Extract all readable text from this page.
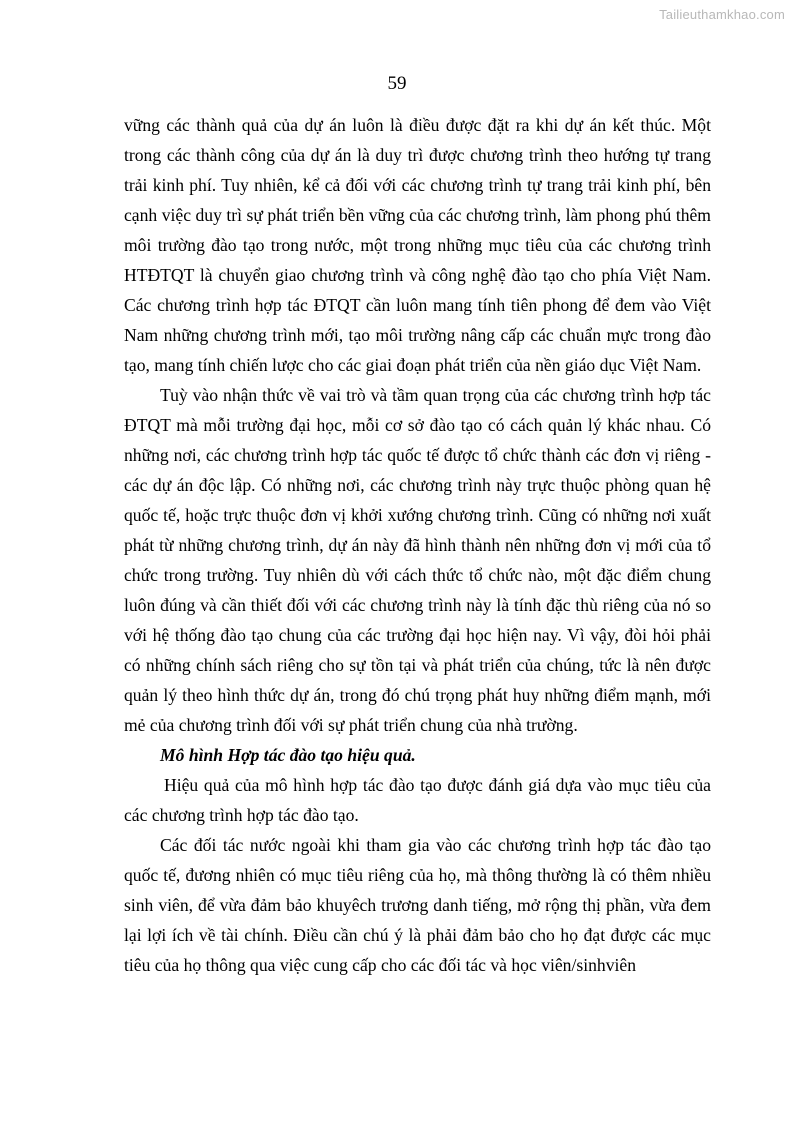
Tailieuthamkhao.com
59

vững các thành quả của dự án luôn là điều được đặt ra khi dự án kết thúc. Một trong các thành công của dự án là duy trì được chương trình theo hướng tự trang trải kinh phí. Tuy nhiên, kể cả đối với các chương trình tự trang trải kinh phí, bên cạnh việc duy trì sự phát triển bền vững của các chương trình, làm phong phú thêm môi trường đào tạo trong nước, một trong những mục tiêu của các chương trình HTĐTQT là chuyển giao chương trình và công nghệ đào tạo cho phía Việt Nam. Các chương trình hợp tác ĐTQT cần luôn mang tính tiên phong để đem vào Việt Nam những chương trình mới, tạo môi trường nâng cấp các chuẩn mực trong đào tạo, mang tính chiến lược cho các giai đoạn phát triển của nền giáo dục Việt Nam.

Tuỳ vào nhận thức về vai trò và tầm quan trọng của các chương trình hợp tác ĐTQT mà mỗi trường đại học, mỗi cơ sở đào tạo có cách quản lý khác nhau. Có những nơi, các chương trình hợp tác quốc tế được tổ chức thành các đơn vị riêng - các dự án độc lập. Có những nơi, các chương trình này trực thuộc phòng quan hệ quốc tế, hoặc trực thuộc đơn vị khởi xướng chương trình. Cũng có những nơi xuất phát từ những chương trình, dự án này đã hình thành nên những đơn vị mới của tổ chức trong trường. Tuy nhiên dù với cách thức tổ chức nào, một đặc điểm chung luôn đúng và cần thiết đối với các chương trình này là tính đặc thù riêng của nó so với hệ thống đào tạo chung của các trường đại học hiện nay. Vì vậy, đòi hỏi phải có những chính sách riêng cho sự tồn tại và phát triển của chúng, tức là nên được quản lý theo hình thức dự án, trong đó chú trọng phát huy những điểm mạnh, mới mẻ của chương trình đối với sự phát triển chung của nhà trường.

Mô hình Hợp tác đào tạo hiệu quả.

Hiệu quả của mô hình hợp tác đào tạo được đánh giá dựa vào mục tiêu của các chương trình hợp tác đào tạo.

Các đối tác nước ngoài khi tham gia vào các chương trình hợp tác đào tạo quốc tế, đương nhiên có mục tiêu riêng của họ, mà thông thường là có thêm nhiều sinh viên, để vừa đảm bảo khuyêch trương danh tiếng, mở rộng thị phần, vừa đem lại lợi ích về tài chính. Điều cần chú ý là phải đảm bảo cho họ đạt được các mục tiêu của họ thông qua việc cung cấp cho các đối tác và học viên/sinhviên
